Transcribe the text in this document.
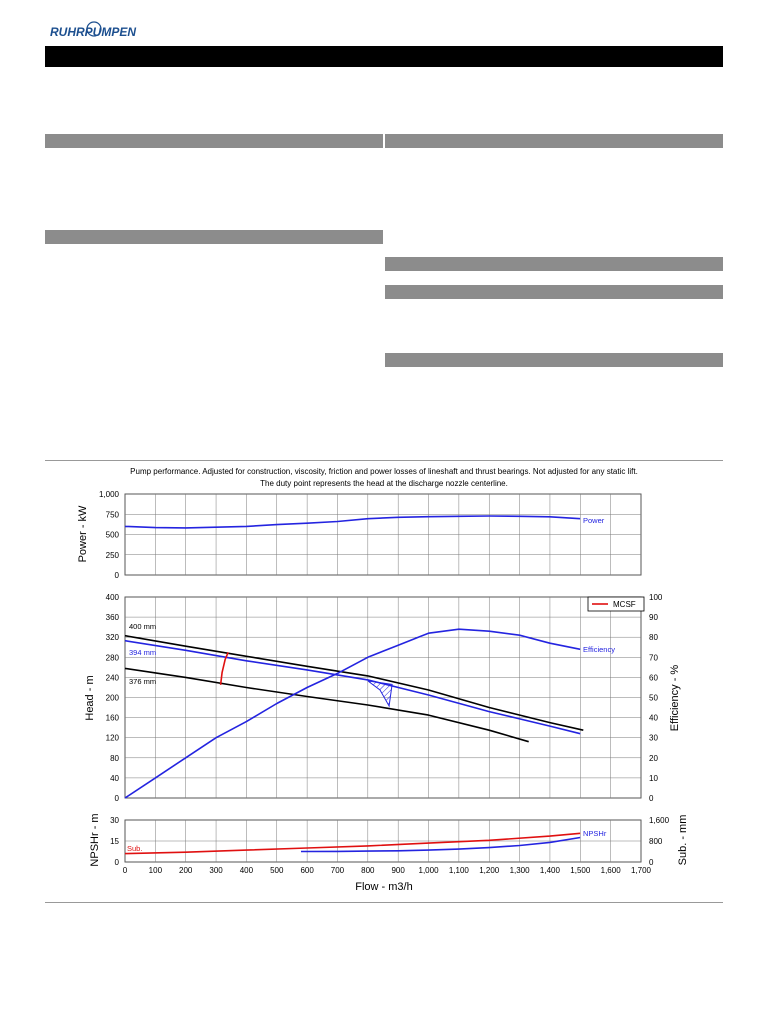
RUHRPUMPEN
Pump performance. Adjusted for construction, viscosity, friction and power losses of lineshaft and thrust bearings. Not adjusted for any static lift.
The duty point represents the head at the discharge nozzle centerline.
0
250
500
750
1,000
0
40
80
120
160
200
240
280
320
360
400
0
10
20
30
40
50
60
70
80
90
100
0
15
30
0
800
1,600
0	100 200 300 400 500 600 700 800 900 1,000 1,100 1,200 1,300 1,400 1,500 1,600 1,700
Power - kW
Head - m	Efficiency - %
NPSHr - m	Sub. - mm
Flow - m3/h
MCSF
400 mm
394 mm
376 mm
Efficiency
Power
NPSHr
Sub.
